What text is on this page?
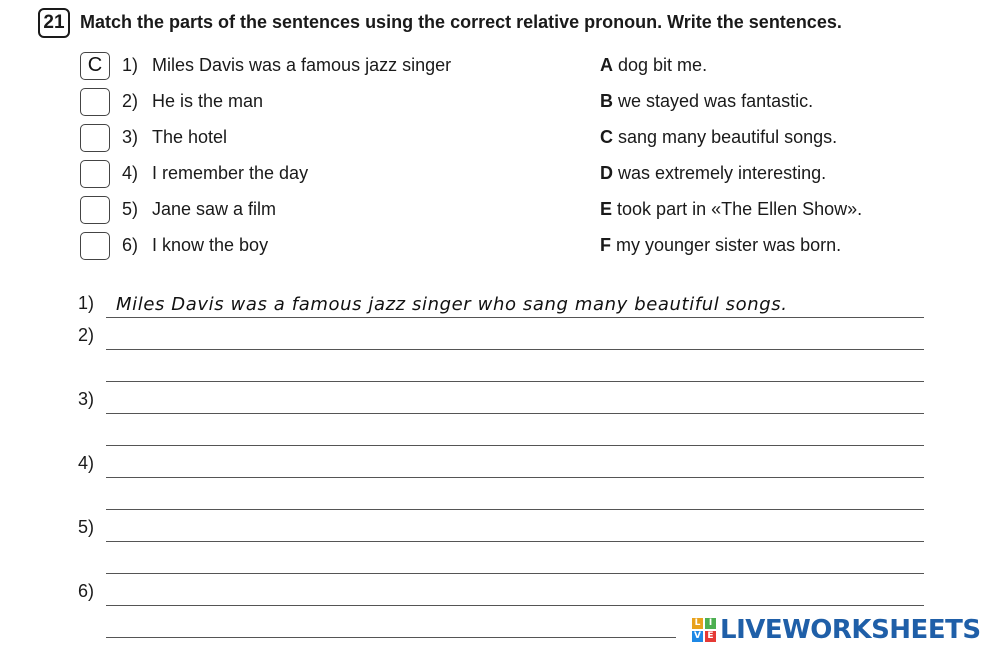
21 Match the parts of the sentences using the correct relative pronoun. Write the sentences.
C	1) Miles Davis was a famous jazz singer	A dog bit me.
2) He is the man	B we stayed was fantastic.
3) The hotel	C sang many beautiful songs.
4) I remember the day	D was extremely interesting.
5) Jane saw a film	E took part in «The Ellen Show».
6) I know the boy	F my younger sister was born.
1) Miles Davis was a famous jazz singer who sang many beautiful songs.
2)
3)
4)
5)
6)
L I
V E LIVEWORKSHEETS
